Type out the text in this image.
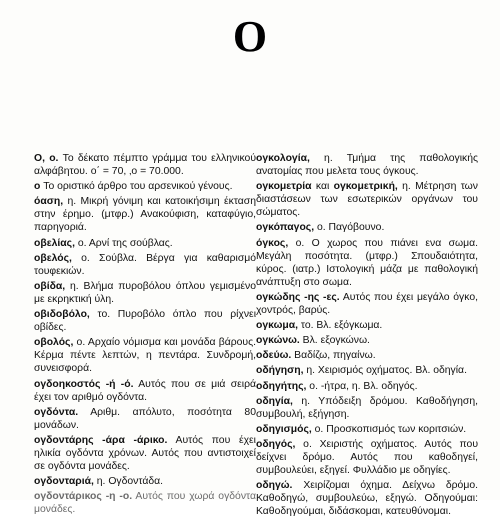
O
O, o. Το δέκατο πέμπτο γράμμα του ελληνικού αλφάβητου. o΄ = 70, ‚o = 70.000.
o Το οριστικό άρθρο του αρσενικού γένους.
όαση, η. Μικρή γόνιμη και κατοικήσιμη έκταση στην έρημο. (μτφρ.) Ανακούφιση, καταφύγιο, παρηγοριά.
οβελίας, ο. Αρνί της σούβλας.
οβελός, ο. Σούβλα. Βέργα για καθαρισμό τουφεκιών.
οβίδα, η. Βλήμα πυροβόλου όπλου γεμισμένο με εκρηκτική ύλη.
οβιδοβόλο, το. Πυροβόλο όπλο που ρίχνει οβίδες.
οβολός, ο. Αρχαίο νόμισμα και μονάδα βάρους. Κέρμα πέντε λεπτών, η πεντάρα. Συνδρομή, συνεισφορά.
ογδοηκοστός -ή -ό. Αυτός που σε μιά σειρά έχει τον αριθμό ογδόντα.
ογδόντα. Αριθμ. απόλυτο, ποσότητα 80 μονάδων.
ογδοντάρης -άρα -άρικο. Αυτός που έχει ηλικία ογδόντα χρόνων. Αυτός που αντιστοιχεί σε ογδόντα μονάδες.
ογδονταριά, η. Ογδοντάδα.
ογδοντάρικος -η -ο. Αυτός που χωρά ογδόντα μονάδες.
ογκολογία, η. Τμήμα της παθολογικής ανατομίας που μελετα τους όγκους.
ογκομετρία και ογκομετρική, η. Μέτρηση των διαστάσεων των εσωτερικών οργάνων του σώματος.
ογκόπαγος, ο. Παγόβουνο.
όγκος, ο. Ο χωρος που πιάνει ενα σωμα. Μεγάλη ποσότητα. (μτφρ.) Σπουδαιότητα, κύρος. (ιατρ.) Ιστολογική μάζα με παθολογική ανάπτυξη στο σωμα.
ογκώδης -ης -ες. Αυτός που έχει μεγάλο όγκο, χοντρός, βαρύς.
ογκωμα, το. Βλ. εξόγκωμα.
ογκώνω. Βλ. εξογκώνω.
οδεύω. Βαδίζω, πηγαίνω.
οδήγηση, η. Χειρισμός οχήματος. Βλ. οδηγία.
οδηγήτης, ο. -ήτρα, η. Βλ. οδηγός.
οδηγία, η. Υπόδειξη δρόμου. Καθοδήγηση, συμβουλή, εξήγηση.
οδηγισμός, ο. Προσκοπισμός των κοριτσιών.
οδηγός, ο. Χειριστής οχήματος. Αυτός που δείχνει δρόμο. Αυτός που καθοδηγεί, συμβουλεύει, εξηγεί. Φυλλάδιο με οδηγίες.
οδηγώ. Χειρίζομαι όχημα. Δείχνω δρόμο. Καθοδηγώ, συμβουλεύω, εξηγώ. Οδηγούμαι: Καθοδηγούμαι, διδάσκομαι, κατευθύνομαι.
